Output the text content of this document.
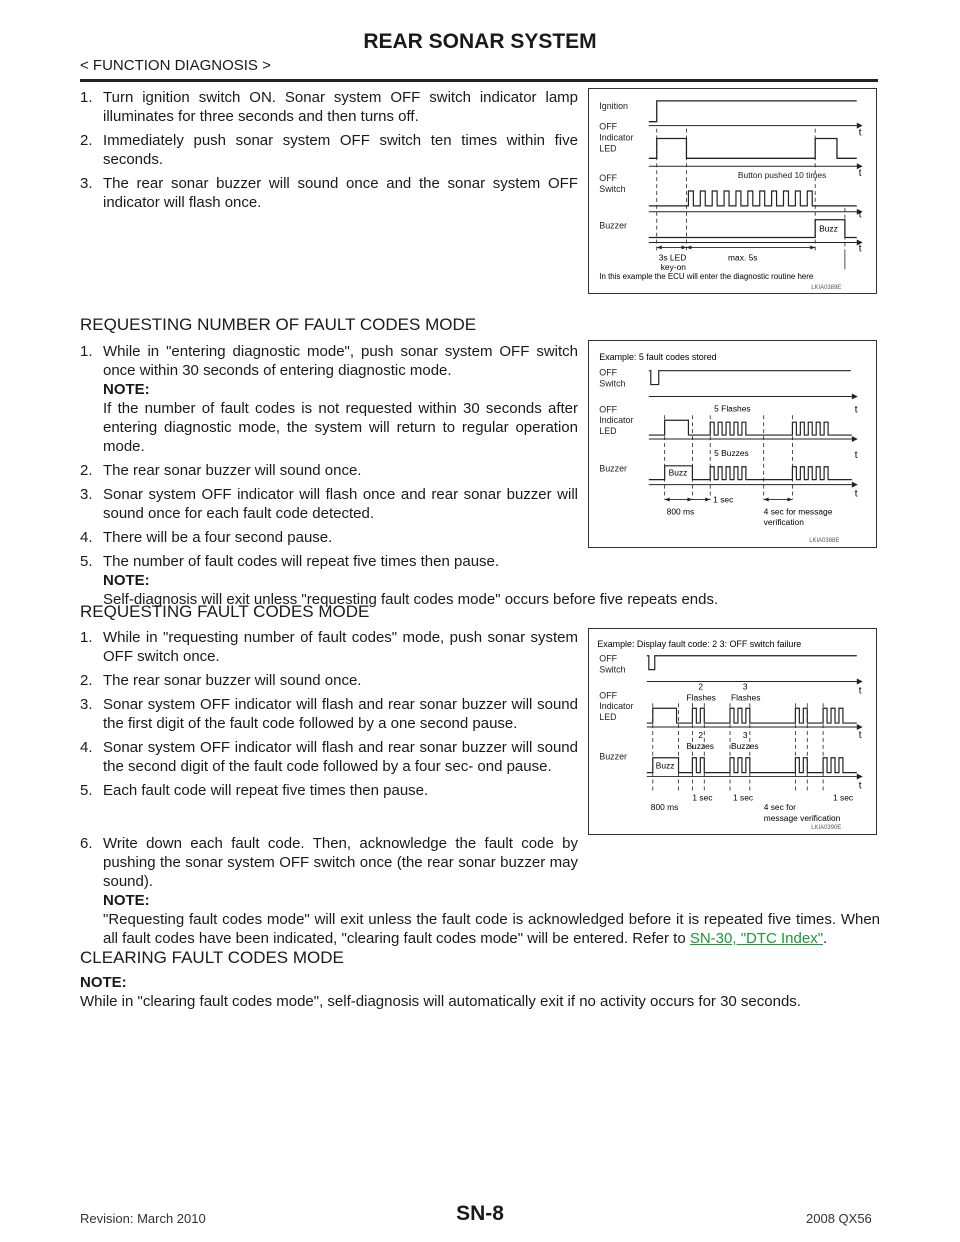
REAR SONAR SYSTEM
< FUNCTION DIAGNOSIS >
1. Turn ignition switch ON. Sonar system OFF switch indicator lamp illuminates for three seconds and then turns off.
2. Immediately push sonar system OFF switch ten times within five seconds.
3. The rear sonar buzzer will sound once and the sonar system OFF indicator will flash once.
Ignition
OFF
Indicator
LED
OFF
Switch
Buzzer
t
Button pushed 10 times	t
Buzz
t
t
3s LED
key-on
max. 5s
In this example the ECU will enter the diagnostic routine here
LKIA0389E
REQUESTING NUMBER OF FAULT CODES MODE
1. While in "entering diagnostic mode", push sonar system OFF switch once within 30 seconds of entering diagnostic mode.
NOTE:
If the number of fault codes is not requested within 30 seconds after entering diagnostic mode, the system will return to regular operation mode.
2. The rear sonar buzzer will sound once.
3. Sonar system OFF indicator will flash once and rear sonar buzzer will sound once for each fault code detected.
4. There will be a four second pause.
5. The number of fault codes will repeat five times then pause.
NOTE:
Self-diagnosis will exit unless "requesting fault codes mode" occurs before five repeats ends.
Example: 5 fault codes stored
OFF
Switch
OFF
Indicator
LED
Buzzer
5 Flashes	t
5 Buzzes
Buzz
t
t
1 sec
800 ms	4 sec for message
verification
LKIA0388E
REQUESTING FAULT CODES MODE
1. While in "requesting number of fault codes" mode, push sonar system OFF switch once.
2. The rear sonar buzzer will sound once.
3. Sonar system OFF indicator will flash and rear sonar buzzer will sound the first digit of the fault code followed by a one second pause.
4. Sonar system OFF indicator will flash and rear sonar buzzer will sound the second digit of the fault code followed by a four sec- ond pause.
5. Each fault code will repeat five times then pause.
6. Write down each fault code. Then, acknowledge the fault code by pushing the sonar system OFF switch once (the rear sonar buzzer may sound).
NOTE:
"Requesting fault codes mode" will exit unless the fault code is acknowledged before it is repeated five times. When all fault codes have been indicated, "clearing fault codes mode" will be entered. Refer to SN-30, "DTC Index".
Example: Display fault code: 2 3: OFF switch failure
OFF
Switch
OFF
Indicator
LED
Buzzer
t
2
Flashes
3
Flashes
t
2
Buzzes
3
Buzzes
Buzz
t
1 sec 1 sec	1 sec
800 ms	4 sec for
message verification
LKIA0390E
CLEARING FAULT CODES MODE
NOTE:
While in "clearing fault codes mode", self-diagnosis will automatically exit if no activity occurs for 30 seconds.
Revision: March 2010	SN-8	2008 QX56
